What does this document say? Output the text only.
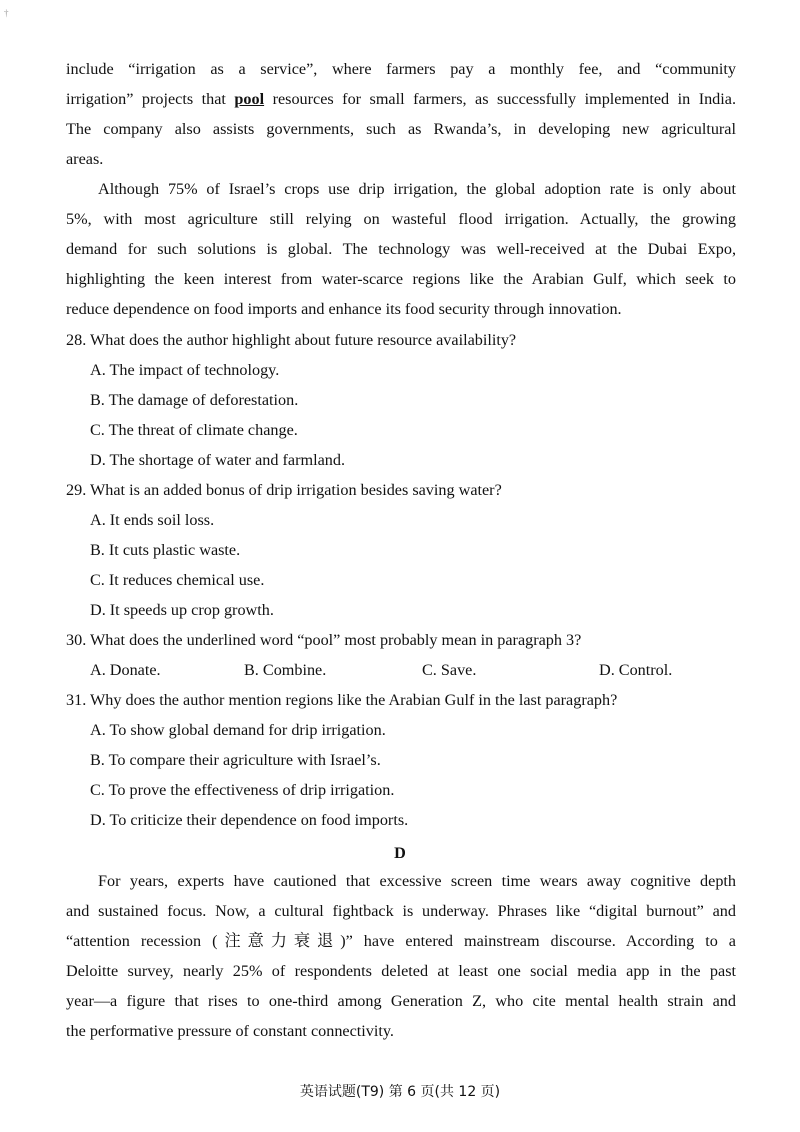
†
include “irrigation as a service”, where farmers pay a monthly fee, and “community
irrigation” projects that pool resources for small farmers, as successfully implemented in India.
The company also assists governments, such as Rwanda’s, in developing new agricultural
areas.
Although 75% of Israel’s crops use drip irrigation, the global adoption rate is only about
5%, with most agriculture still relying on wasteful flood irrigation. Actually, the growing
demand for such solutions is global. The technology was well-received at the Dubai Expo,
highlighting the keen interest from water-scarce regions like the Arabian Gulf, which seek to
reduce dependence on food imports and enhance its food security through innovation.
28. What does the author highlight about future resource availability?
A. The impact of technology.
B. The damage of deforestation.
C. The threat of climate change.
D. The shortage of water and farmland.
29. What is an added bonus of drip irrigation besides saving water?
A. It ends soil loss.
B. It cuts plastic waste.
C. It reduces chemical use.
D. It speeds up crop growth.
30. What does the underlined word “pool” most probably mean in paragraph 3?
A. Donate.	B. Combine.	C. Save.	D. Control.
31. Why does the author mention regions like the Arabian Gulf in the last paragraph?
A. To show global demand for drip irrigation.
B. To compare their agriculture with Israel’s.
C. To prove the effectiveness of drip irrigation.
D. To criticize their dependence on food imports.
D
For years, experts have cautioned that excessive screen time wears away cognitive depth
and sustained focus. Now, a cultural fightback is underway. Phrases like “digital burnout” and
“attention recession (注意力衰退)” have entered mainstream discourse. According to a
Deloitte survey, nearly 25% of respondents deleted at least one social media app in the past
year—a figure that rises to one-third among Generation Z, who cite mental health strain and
the performative pressure of constant connectivity.
英语试题(T9) 第 6 页(共 12 页)
